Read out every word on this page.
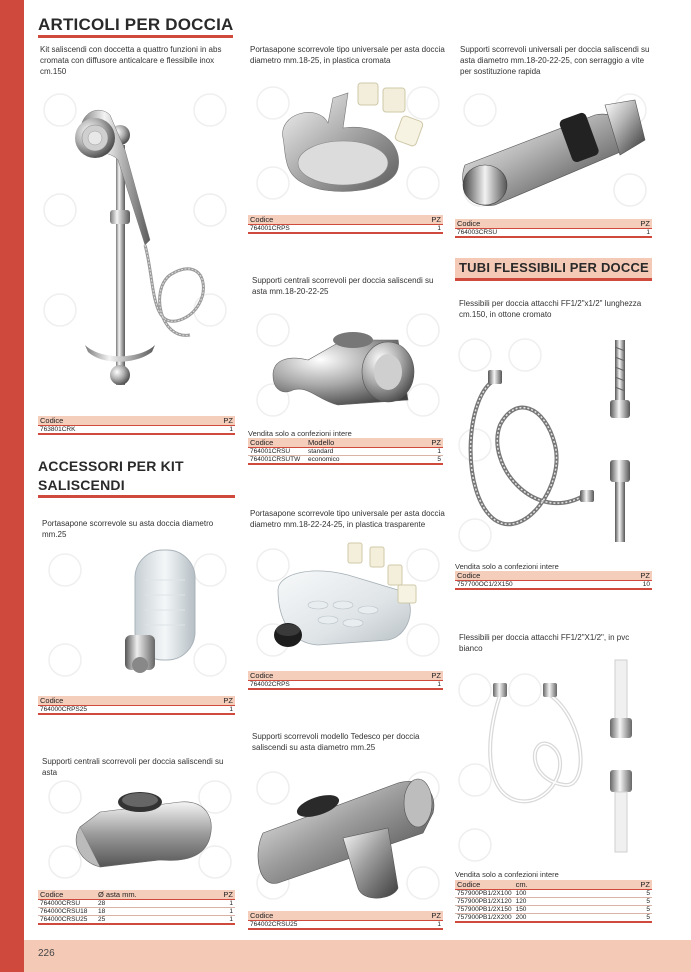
ARTICOLI PER DOCCIA
Kit saliscendi con doccetta a quattro funzioni in abs cromata con diffusore anticalcare e flessibile inox cm.150
Codice	PZ
763801CRK	1
ACCESSORI PER KIT
SALISCENDI
Portasapone scorrevole su asta doccia diametro mm.25
Codice	PZ
764000CRPS25	1
Supporti centrali scorrevoli per doccia saliscendi su asta
Codice	Ø asta mm.	PZ
764000CRSU	28	1
764000CRSU18	18	1
764000CRSU25	25	1
Portasapone scorrevole tipo universale per asta doccia diametro mm.18-25, in plastica cromata
Codice	PZ
764001CRPS	1
Supporti centrali scorrevoli per doccia saliscendi su asta mm.18-20-22-25
Vendita solo a confezioni intere
Codice	Modello	PZ
764001CRSU	standard	1
764001CRSUTW	economico	5
Portasapone scorrevole tipo universale per asta doccia diametro mm.18-22-24-25, in plastica trasparente
Codice	PZ
764002CRPS	1
Supporti scorrevoli modello Tedesco per doccia saliscendi su asta diametro mm.25
Codice	PZ
764002CRSU25	1
Supporti scorrevoli universali per doccia saliscendi su asta diametro mm.18-20-22-25, con serraggio a vite per sostituzione rapida
Codice	PZ
764003CRSU	1
TUBI FLESSIBILI PER DOCCE
Flessibili per doccia attacchi FF1/2"x1/2" lunghezza cm.150, in ottone cromato
Vendita solo a confezioni intere
Codice	PZ
757700OC1/2X150	10
Flessibili per doccia attacchi FF1/2"X1/2", in pvc bianco
Vendita solo a confezioni intere
Codice	cm.	PZ
757900PB1/2X100	100	5
757900PB1/2X120	120	5
757900PB1/2X150	150	5
757900PB1/2X200	200	5
226
